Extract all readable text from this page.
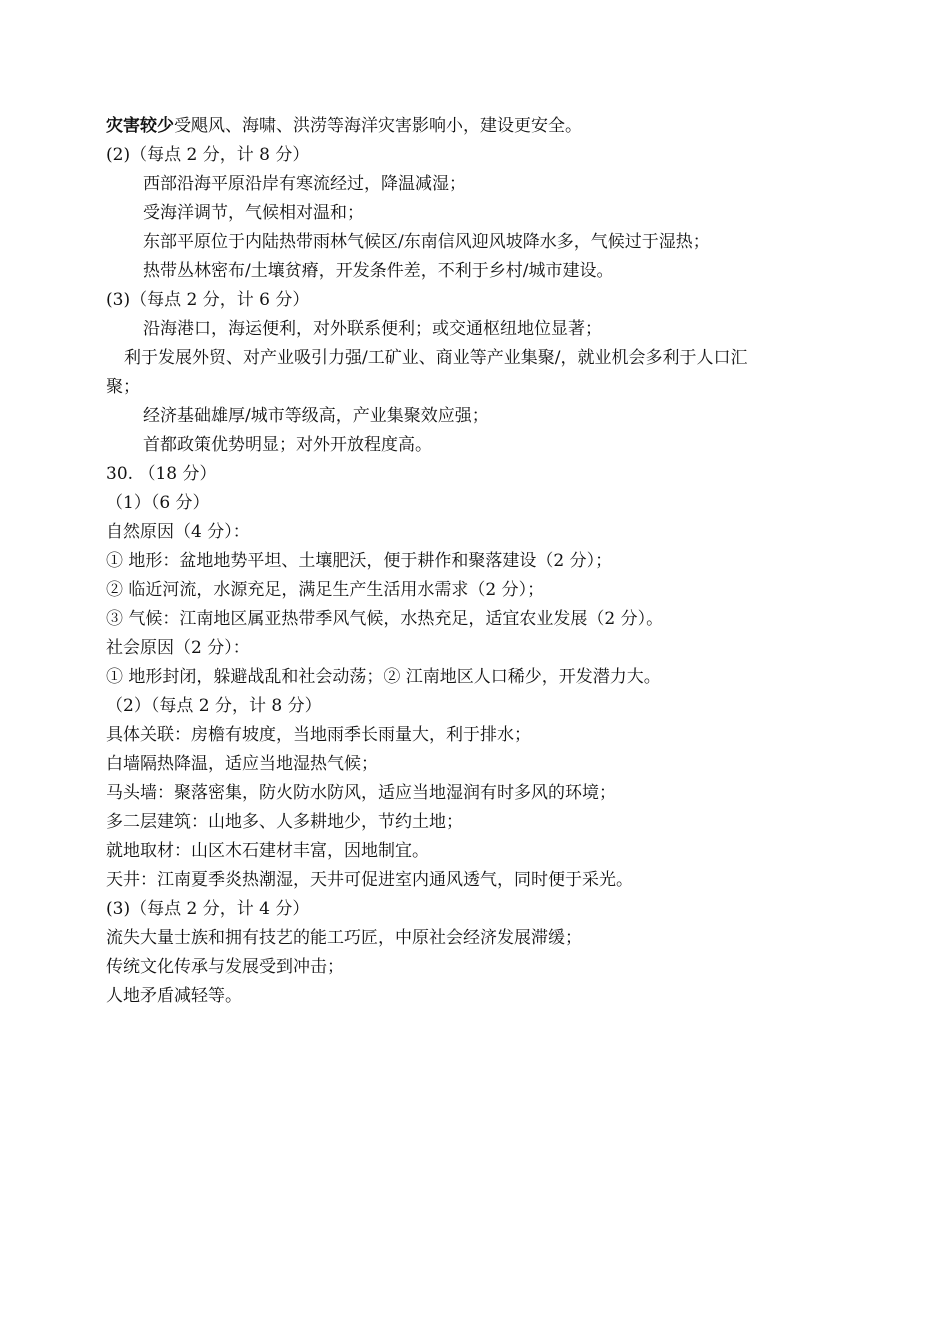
灾害较少受飓风、海啸、洪涝等海洋灾害影响小，建设更安全。
(2)（每点 2 分，计 8 分）
西部沿海平原沿岸有寒流经过，降温减湿；
受海洋调节，气候相对温和；
东部平原位于内陆热带雨林气候区/东南信风迎风坡降水多，气候过于湿热；
热带丛林密布/土壤贫瘠，开发条件差，不利于乡村/城市建设。
(3)（每点 2 分，计 6 分）
沿海港口，海运便利，对外联系便利；或交通枢纽地位显著；
利于发展外贸、对产业吸引力强/工矿业、商业等产业集聚/，就业机会多利于人口汇
聚；
经济基础雄厚/城市等级高，产业集聚效应强；
首都政策优势明显；对外开放程度高。
30. （18 分）
（1）（6 分）
自然原因（4 分）：
① 地形：盆地地势平坦、土壤肥沃，便于耕作和聚落建设（2 分）；
② 临近河流，水源充足，满足生产生活用水需求（2 分）；
③ 气候：江南地区属亚热带季风气候，水热充足，适宜农业发展（2 分）。
社会原因（2 分）：
① 地形封闭，躲避战乱和社会动荡；② 江南地区人口稀少，开发潜力大。
（2）（每点 2 分，计 8 分）
具体关联：房檐有坡度，当地雨季长雨量大，利于排水；
白墙隔热降温，适应当地湿热气候；
马头墙：聚落密集，防火防水防风，适应当地湿润有时多风的环境；
多二层建筑：山地多、人多耕地少，节约土地；
就地取材：山区木石建材丰富，因地制宜。
天井：江南夏季炎热潮湿，天井可促进室内通风透气，同时便于采光。
(3)（每点 2 分，计 4 分）
流失大量士族和拥有技艺的能工巧匠，中原社会经济发展滞缓；
传统文化传承与发展受到冲击；
人地矛盾减轻等。
